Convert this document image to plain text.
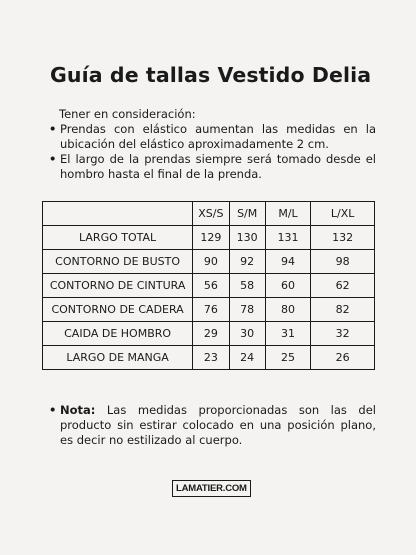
Guía de tallas Vestido Delia
Tener en consideración:
• Prendas con elástico aumentan las medidas en la ubicación del elástico aproximadamente 2 cm.
• El largo de la prendas siempre será tomado desde el hombro hasta el final de la prenda.
	XS/S	S/M	M/L	L/XL
LARGO TOTAL	129	130	131	132
CONTORNO DE BUSTO	90	92	94	98
CONTORNO DE CINTURA	56	58	60	62
CONTORNO DE CADERA	76	78	80	82
CAIDA DE HOMBRO	29	30	31	32
LARGO DE MANGA	23	24	25	26
• Nota: Las medidas proporcionadas son las del producto sin estirar colocado en una posición plano, es decir no estilizado al cuerpo.
LAMATIER.COM
